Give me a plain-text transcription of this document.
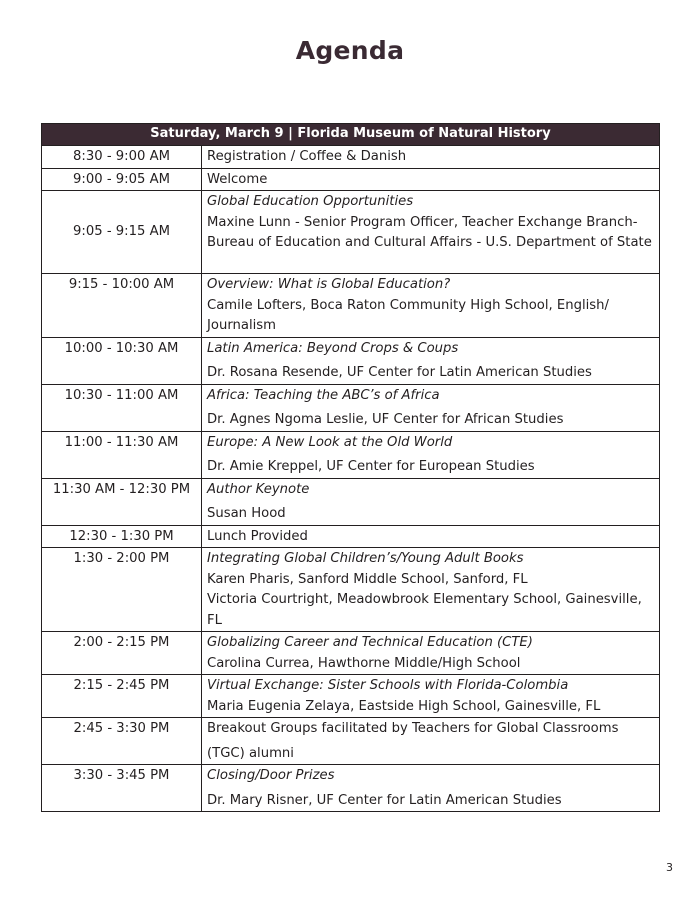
Agenda
Saturday, March 9 | Florida Museum of Natural History	
8:30 - 9:00 AM	Registration / Coffee & Danish
9:00 - 9:05 AM	Welcome
9:05 - 9:15 AM	Global Education Opportunities
Maxine Lunn - Senior Program Officer, Teacher Exchange Branch-Bureau of Education and Cultural Affairs - U.S. Department of State

9:15 - 10:00 AM	Overview: What is Global Education?
Camile Lofters, Boca Raton Community High School, English/ Journalism

10:00 - 10:30 AM	Latin America: Beyond Crops & Coups
Dr. Rosana Resende, UF Center for Latin American Studies

10:30 - 11:00 AM	Africa: Teaching the ABC’s of Africa
Dr. Agnes Ngoma Leslie, UF Center for African Studies

11:00 - 11:30 AM	Europe: A New Look at the Old World
Dr. Amie Kreppel, UF Center for European Studies

11:30 AM - 12:30 PM	Author Keynote
Susan Hood

12:30 - 1:30 PM	Lunch Provided
1:30 - 2:00 PM	Integrating Global Children’s/Young Adult Books
Karen Pharis, Sanford Middle School, Sanford, FL
Victoria Courtright, Meadowbrook Elementary School, Gainesville, FL

2:00 - 2:15 PM	Globalizing Career and Technical Education (CTE)
Carolina Currea, Hawthorne Middle/High School

2:15 - 2:45 PM	Virtual Exchange: Sister Schools with Florida-Colombia
Maria Eugenia Zelaya, Eastside High School, Gainesville, FL

2:45 - 3:30 PM	Breakout Groups facilitated by Teachers for Global Classrooms
(TGC) alumni

3:30 - 3:45 PM	Closing/Door Prizes
Dr. Mary Risner, UF Center for Latin American Studies
3
